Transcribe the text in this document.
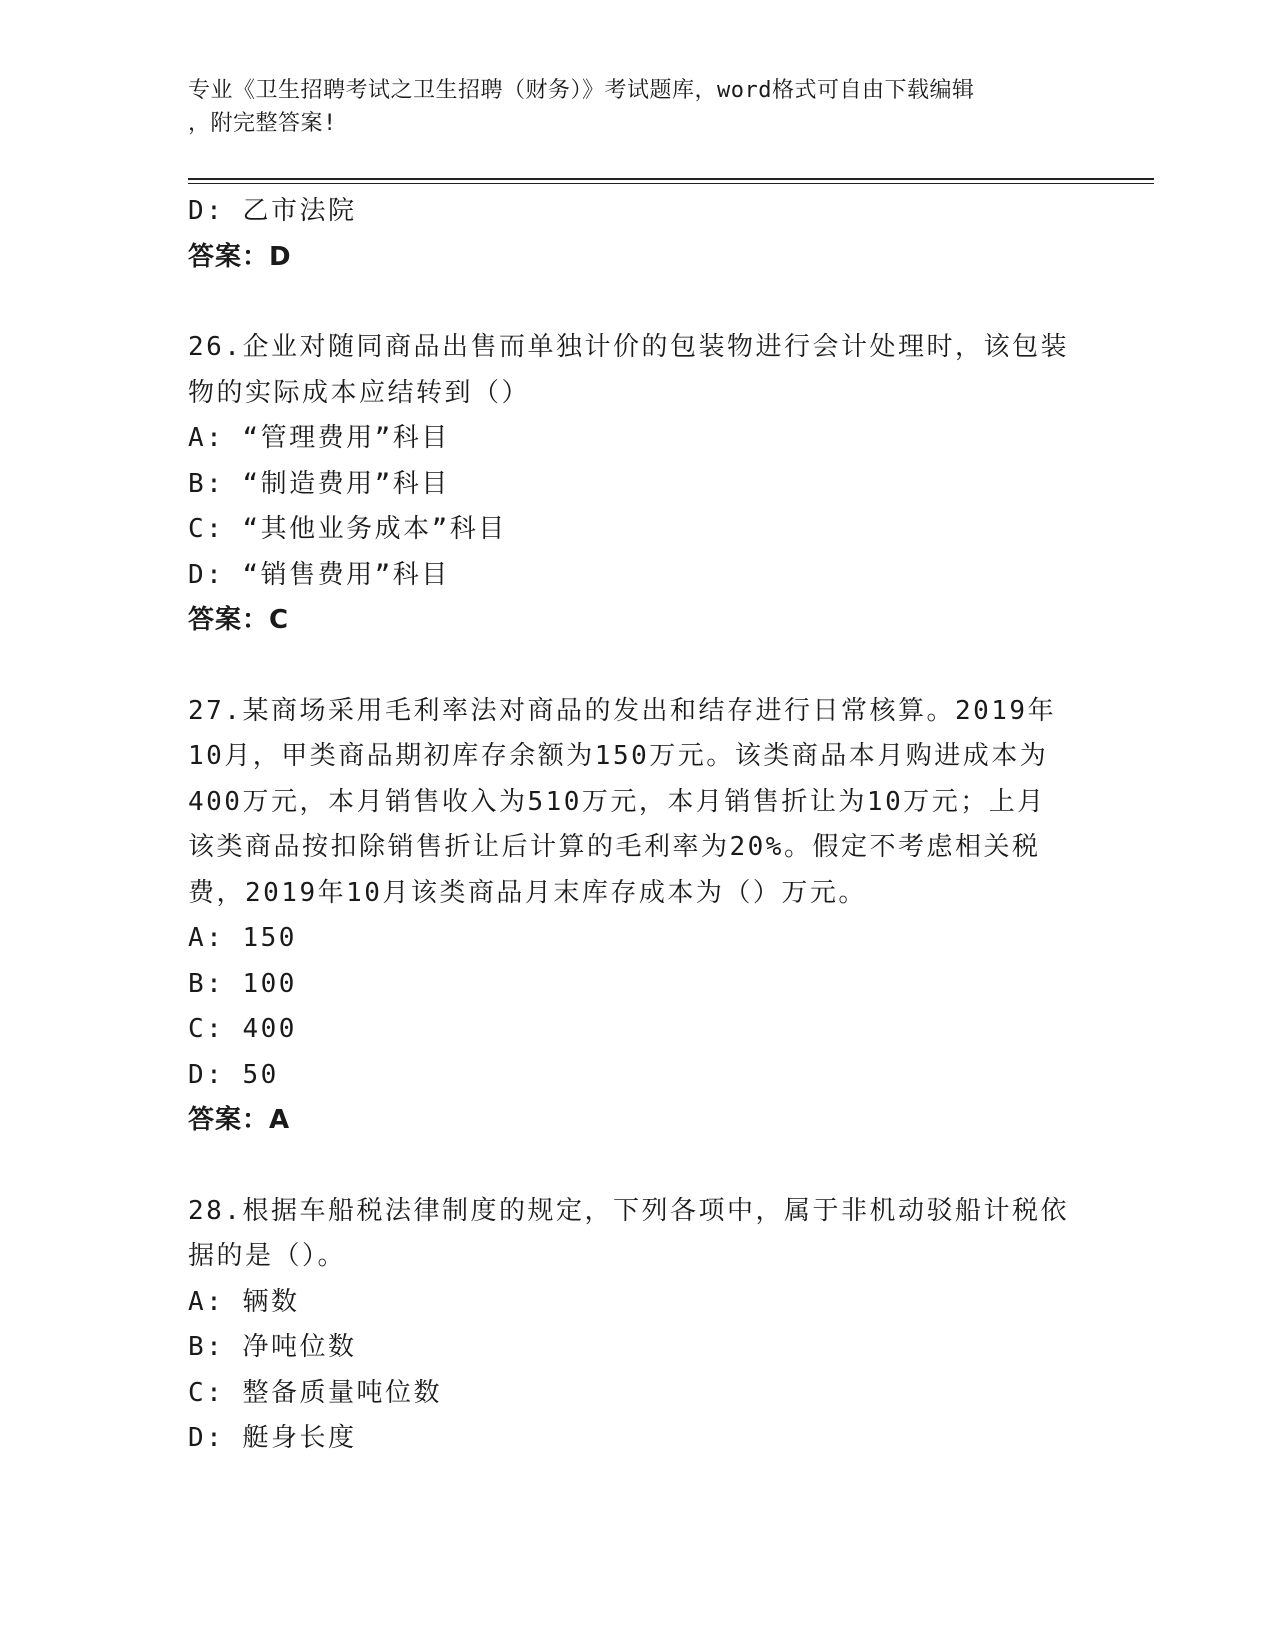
专业《卫生招聘考试之卫生招聘（财务）》考试题库，word格式可自由下载编辑
，附完整答案!
D: 乙市法院
答案：D
26.企业对随同商品出售而单独计价的包装物进行会计处理时，该包装
物的实际成本应结转到（）
A: “管理费用”科目
B: “制造费用”科目
C: “其他业务成本”科目
D: “销售费用”科目
答案：C
27.某商场采用毛利率法对商品的发出和结存进行日常核算。2019年
10月，甲类商品期初库存余额为150万元。该类商品本月购进成本为
400万元，本月销售收入为510万元，本月销售折让为10万元；上月
该类商品按扣除销售折让后计算的毛利率为20%。假定不考虑相关税
费，2019年10月该类商品月末库存成本为（）万元。
A: 150
B: 100
C: 400
D: 50
答案：A
28.根据车船税法律制度的规定，下列各项中，属于非机动驳船计税依
据的是（）。
A: 辆数
B: 净吨位数
C: 整备质量吨位数
D: 艇身长度
